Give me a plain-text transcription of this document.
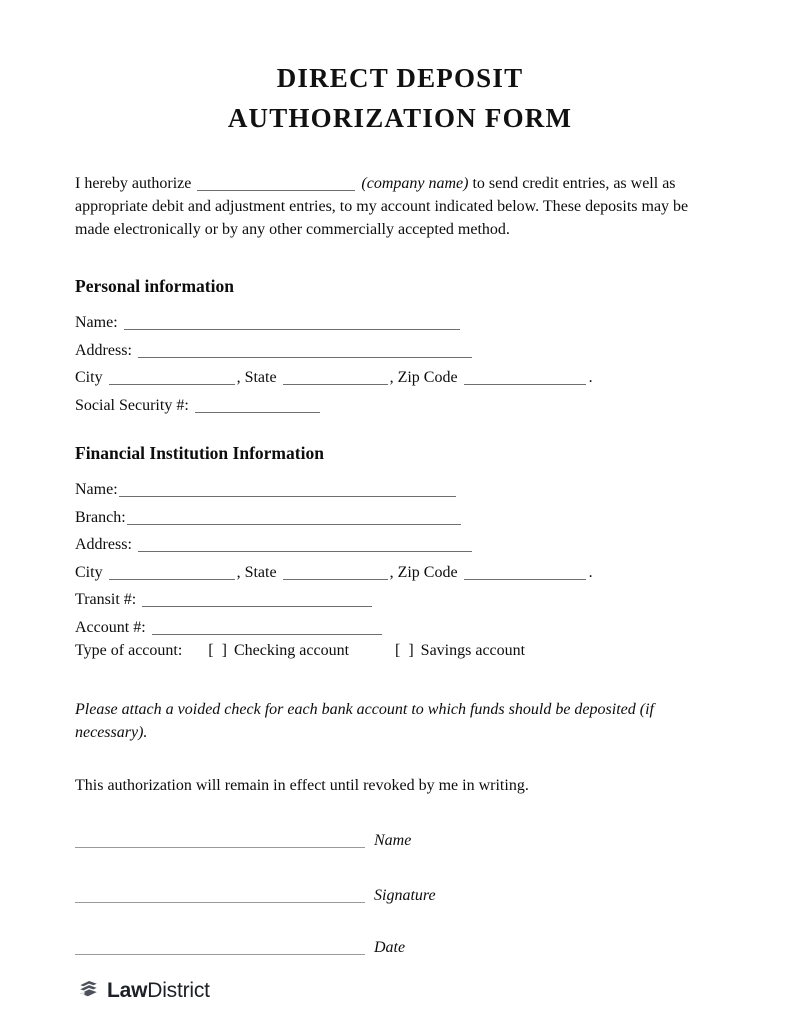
DIRECT DEPOSIT
AUTHORIZATION FORM

I hereby authorize	(company name) to send credit entries, as well as appropriate debit and adjustment entries, to my account indicated below. These deposits may be made electronically or by any other commercially accepted method.

Personal information
Name:
Address:
City	, State	, Zip Code	.
Social Security #:
Financial Institution Information
Name:
Branch:
Address:
City	, State	, Zip Code	.
Transit #:
Account #:
Type of account: [  ] Checking account	[  ] Savings account

Please attach a voided check for each bank account to which funds should be deposited (if necessary).

This authorization will remain in effect until revoked by me in writing.

Name
Signature
Date
LawDistrict
